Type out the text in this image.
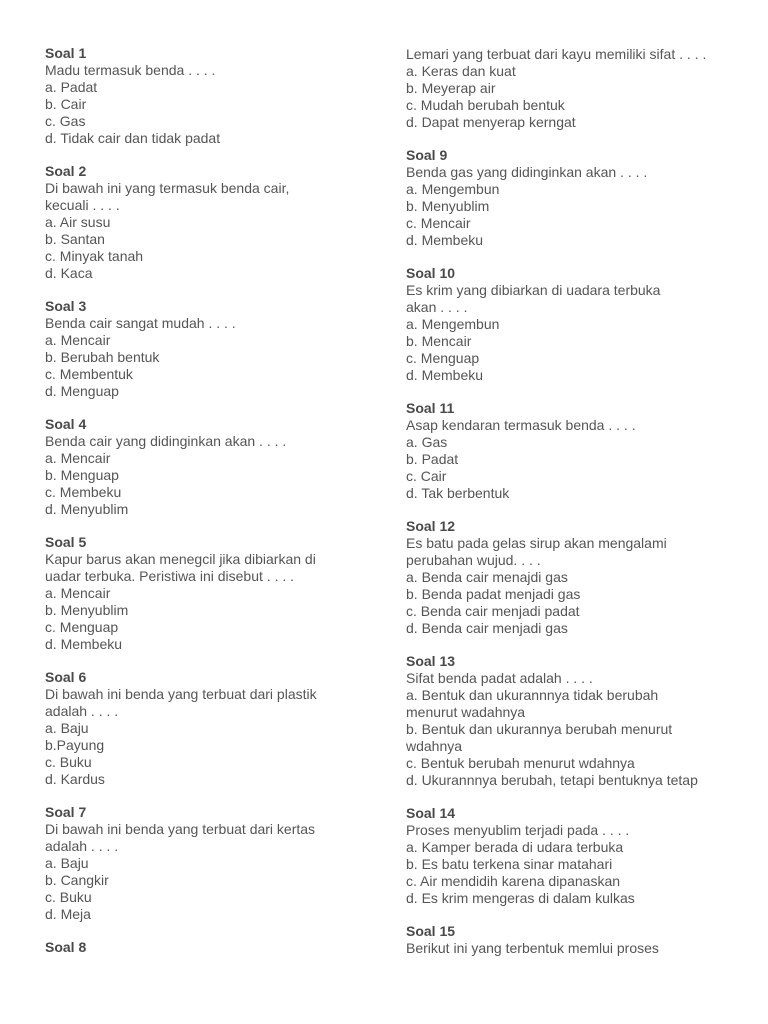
Soal 1
Madu termasuk benda . . . .
a. Padat
b. Cair
c. Gas
d. Tidak cair dan tidak padat
Soal 2
Di bawah ini yang termasuk benda cair,
kecuali . . . .
a. Air susu
b. Santan
c. Minyak tanah
d. Kaca
Soal 3
Benda cair sangat mudah . . . .
a. Mencair
b. Berubah bentuk
c. Membentuk
d. Menguap
Soal 4
Benda cair yang didinginkan akan . . . .
a. Mencair
b. Menguap
c. Membeku
d. Menyublim
Soal 5
Kapur barus akan menegcil jika dibiarkan di
uadar terbuka. Peristiwa ini disebut . . . .
a. Mencair
b. Menyublim
c. Menguap
d. Membeku
Soal 6
Di bawah ini benda yang terbuat dari plastik
adalah . . . .
a. Baju
b.Payung
c. Buku
d. Kardus
Soal 7
Di bawah ini benda yang terbuat dari kertas
adalah . . . .
a. Baju
b. Cangkir
c. Buku
d. Meja
Soal 8
Lemari yang terbuat dari kayu memiliki sifat . . . .
a. Keras dan kuat
b. Meyerap air
c. Mudah berubah bentuk
d. Dapat menyerap kerngat
Soal 9
Benda gas yang didinginkan akan . . . .
a. Mengembun
b. Menyublim
c. Mencair
d. Membeku
Soal 10
Es krim yang dibiarkan di uadara terbuka
akan . . . .
a. Mengembun
b. Mencair
c. Menguap
d. Membeku
Soal 11
Asap kendaran termasuk benda . . . .
a. Gas
b. Padat
c. Cair
d. Tak berbentuk
Soal 12
Es batu pada gelas sirup akan mengalami
perubahan wujud. . . .
a. Benda cair menajdi gas
b. Benda padat menjadi gas
c. Benda cair menjadi padat
d. Benda cair menjadi gas
Soal 13
Sifat benda padat adalah . . . .
a. Bentuk dan ukurannnya tidak berubah
menurut wadahnya
b. Bentuk dan ukurannya berubah menurut
wdahnya
c. Bentuk berubah menurut wdahnya
d. Ukurannnya berubah, tetapi bentuknya tetap
Soal 14
Proses menyublim terjadi pada . . . .
a. Kamper berada di udara terbuka
b. Es batu terkena sinar matahari
c. Air mendidih karena dipanaskan
d. Es krim mengeras di dalam kulkas
Soal 15
Berikut ini yang terbentuk memlui proses
